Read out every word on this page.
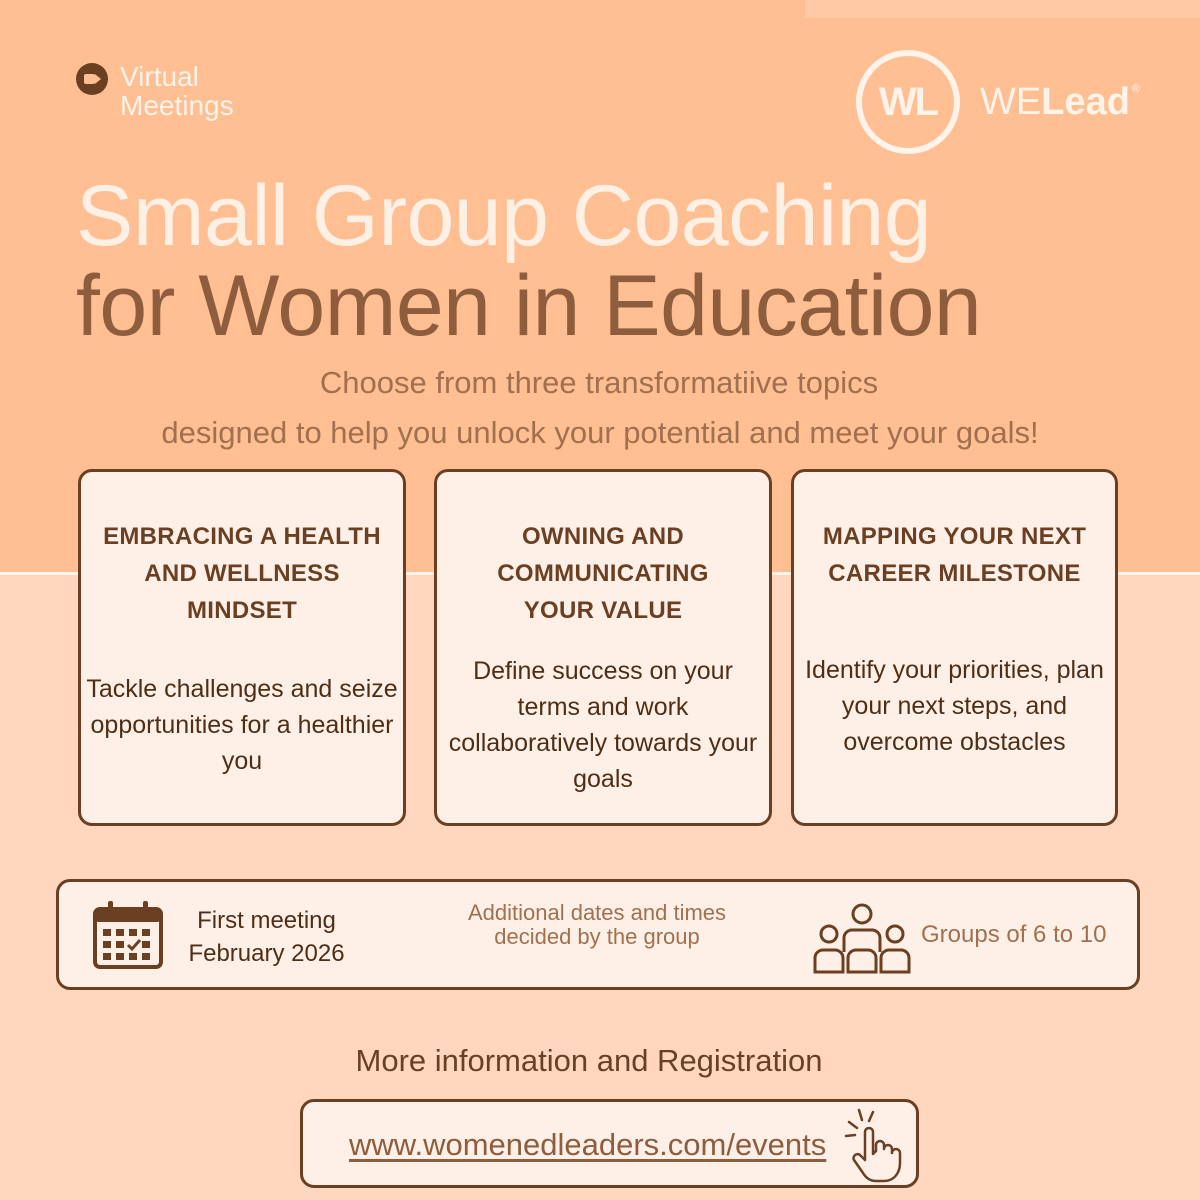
Virtual
Meetings	WL	WELead ®
Small Group Coaching
for Women in Education
Choose from three transformatiive topics
designed to help you unlock your potential and meet your goals!
EMBRACING A HEALTH
AND WELLNESS
MINDSET
Tackle challenges and seize opportunities for a healthier you
OWNING AND
COMMUNICATING
YOUR VALUE
Define success on your terms and work collaboratively towards your goals
MAPPING YOUR NEXT
CAREER MILESTONE
Identify your priorities, plan your next steps, and overcome obstacles
First meeting
February 2026
Additional dates and times decided by the group	Groups of 6 to 10
More information and Registration
www.womenedleaders.com/events
